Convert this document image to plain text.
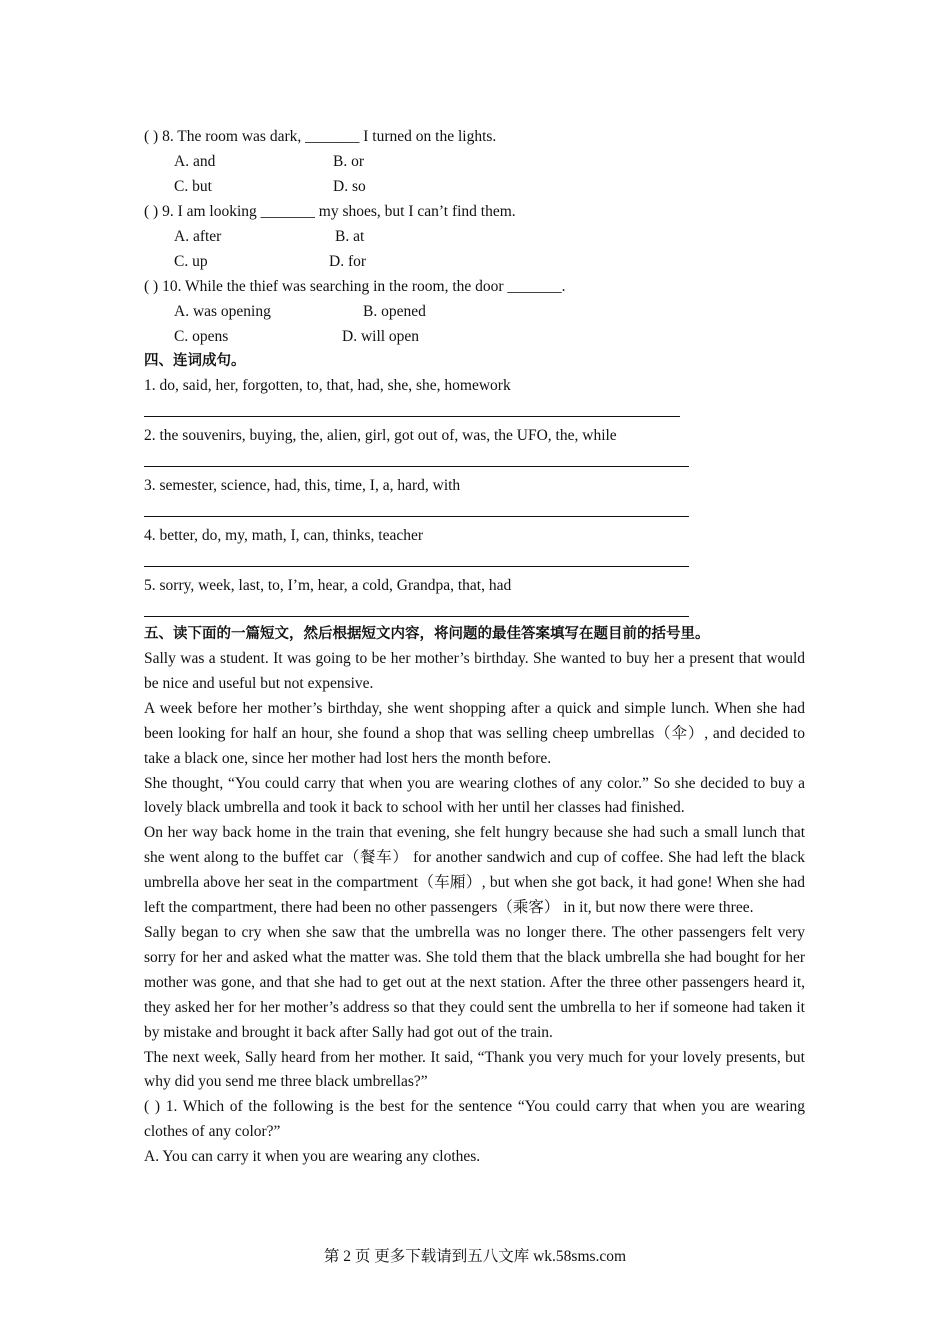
( ) 8. The room was dark, _______ I turned on the lights.
A. and	B. or
C. but	D. so
( ) 9. I am looking _______ my shoes, but I can’t find them.
A. after	B. at
C. up	D. for
( ) 10. While the thief was searching in the room, the door _______.
A. was opening	B. opened
C. opens	D. will open
四、连词成句。
1. do, said, her, forgotten, to, that, had, she, she, homework
2. the souvenirs, buying, the, alien, girl, got out of, was, the UFO, the, while
3. semester, science, had, this, time, I, a, hard, with
4. better, do, my, math, I, can, thinks, teacher
5. sorry, week, last, to, I’m, hear, a cold, Grandpa, that, had
五、读下面的一篇短文，然后根据短文内容，将问题的最佳答案填写在题目前的括号里。
Sally was a student. It was going to be her mother’s birthday. She wanted to buy her a present that would be nice and useful but not expensive.
A week before her mother’s birthday, she went shopping after a quick and simple lunch. When she had been looking for half an hour, she found a shop that was selling cheep umbrellas（伞）, and decided to take a black one, since her mother had lost hers the month before.
She thought, “You could carry that when you are wearing clothes of any color.” So she decided to buy a lovely black umbrella and took it back to school with her until her classes had finished.
On her way back home in the train that evening, she felt hungry because she had such a small lunch that she went along to the buffet car（餐车） for another sandwich and cup of coffee. She had left the black umbrella above her seat in the compartment（车厢）, but when she got back, it had gone! When she had left the compartment, there had been no other passengers（乘客） in it, but now there were three.
Sally began to cry when she saw that the umbrella was no longer there. The other passengers felt very sorry for her and asked what the matter was. She told them that the black umbrella she had bought for her mother was gone, and that she had to get out at the next station. After the three other passengers heard it, they asked her for her mother’s address so that they could sent the umbrella to her if someone had taken it by mistake and brought it back after Sally had got out of the train.
The next week, Sally heard from her mother. It said, “Thank you very much for your lovely presents, but why did you send me three black umbrellas?”
( ) 1. Which of the following is the best for the sentence “You could carry that when you are wearing clothes of any color?”
A. You can carry it when you are wearing any clothes.
第 2 页 更多下载请到五八文库 wk.58sms.com
